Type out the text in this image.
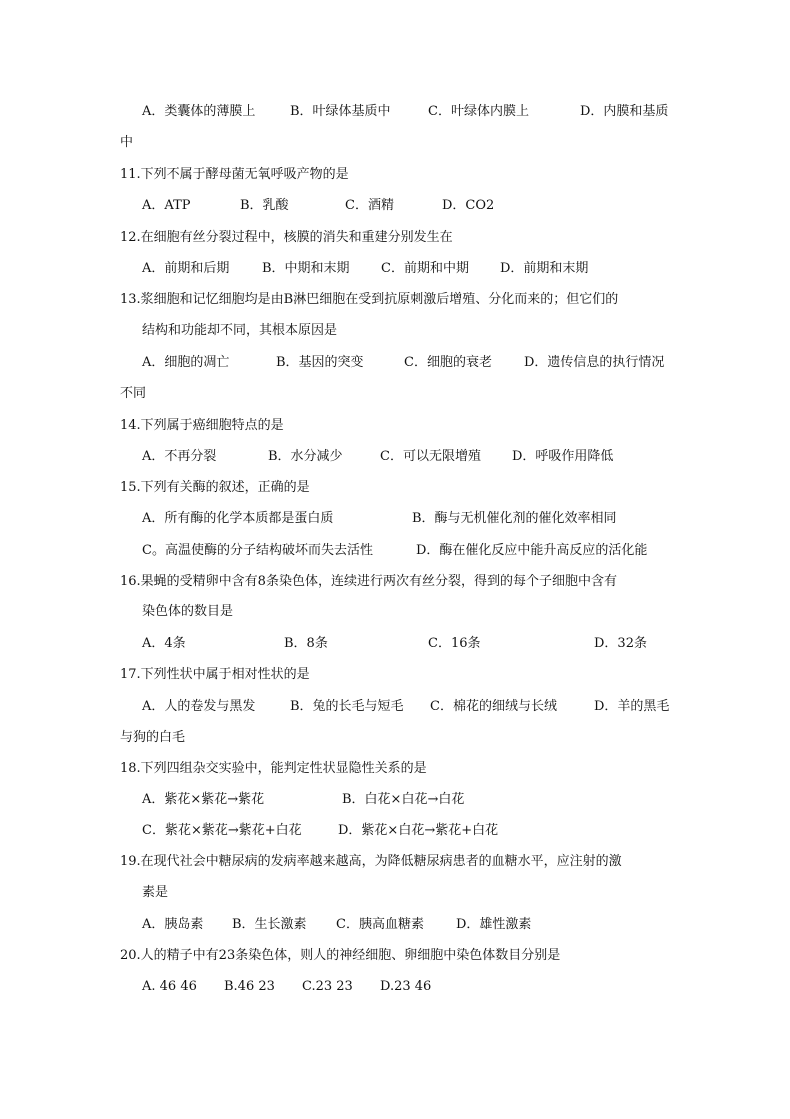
A．类囊体的薄膜上	B．叶绿体基质中	C．叶绿体内膜上	D．内膜和基质
中
11.下列不属于酵母菌无氧呼吸产物的是
A．ATP	B．乳酸	C．酒精	D．CO2
12.在细胞有丝分裂过程中，核膜的消失和重建分别发生在
A．前期和后期	B．中期和末期 C．前期和中期 D．前期和末期
13.浆细胞和记忆细胞均是由B淋巴细胞在受到抗原刺激后增殖、分化而来的；但它们的
结构和功能却不同，其根本原因是
A．细胞的凋亡	B．基因的突变	C．细胞的衰老 D．遗传信息的执行情况
不同
14.下列属于癌细胞特点的是
A．不再分裂	B．水分减少	C．可以无限增殖 D．呼吸作用降低
15.下列有关酶的叙述，正确的是
A．所有酶的化学本质都是蛋白质	B．酶与无机催化剂的催化效率相同
C。高温使酶的分子结构破坏而失去活性	D．酶在催化反应中能升高反应的活化能
16.果蝇的受精卵中含有8条染色体，连续进行两次有丝分裂，得到的每个子细胞中含有
染色体的数目是
A．4条	B．8条	C．16条	D．32条
17.下列性状中属于相对性状的是
A．人的卷发与黑发	B．兔的长毛与短毛 C．棉花的细绒与长绒	D．羊的黑毛
与狗的白毛
18.下列四组杂交实验中，能判定性状显隐性关系的是
A．紫花×紫花→紫花	B．白花×白花→白花
C．紫花×紫花→紫花+白花	D．紫花×白花→紫花+白花
19.在现代社会中糖尿病的发病率越来越高，为降低糖尿病患者的血糖水平，应注射的激
素是
A．胰岛素 B．生长激素 C．胰高血糖素 D．雄性激素
20.人的精子中有23条染色体，则人的神经细胞、卵细胞中染色体数目分别是
A. 46 46 B.46 23 C.23 23 D.23 46
